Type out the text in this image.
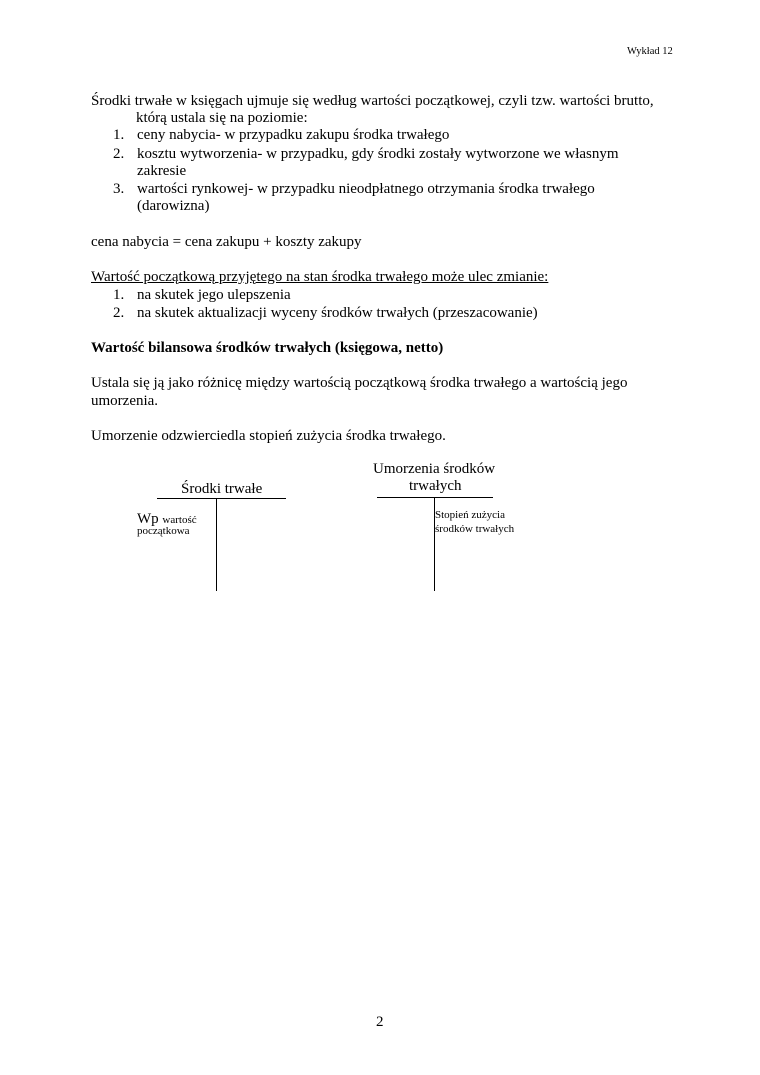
Wykład 12
Środki trwałe w księgach ujmuje się według wartości początkowej, czyli tzw. wartości brutto,
którą ustala się na poziomie:
1. ceny nabycia- w przypadku zakupu środka trwałego
2. kosztu wytworzenia- w przypadku, gdy środki zostały wytworzone we własnym
zakresie
3. wartości rynkowej- w przypadku nieodpłatnego otrzymania środka trwałego
(darowizna)
cena nabycia = cena zakupu + koszty zakupy
Wartość początkową przyjętego na stan środka trwałego może ulec zmianie:
1. na skutek jego ulepszenia
2. na skutek aktualizacji wyceny środków trwałych (przeszacowanie)
Wartość bilansowa środków trwałych (księgowa, netto)
Ustala się ją jako różnicę między wartością początkową środka trwałego a wartością jego
umorzenia.
Umorzenie odzwierciedla stopień zużycia środka trwałego.
Środki trwałe
Wp wartość
początkowa
Umorzenia środków
trwałych
Stopień zużycia
środków trwałych
2
